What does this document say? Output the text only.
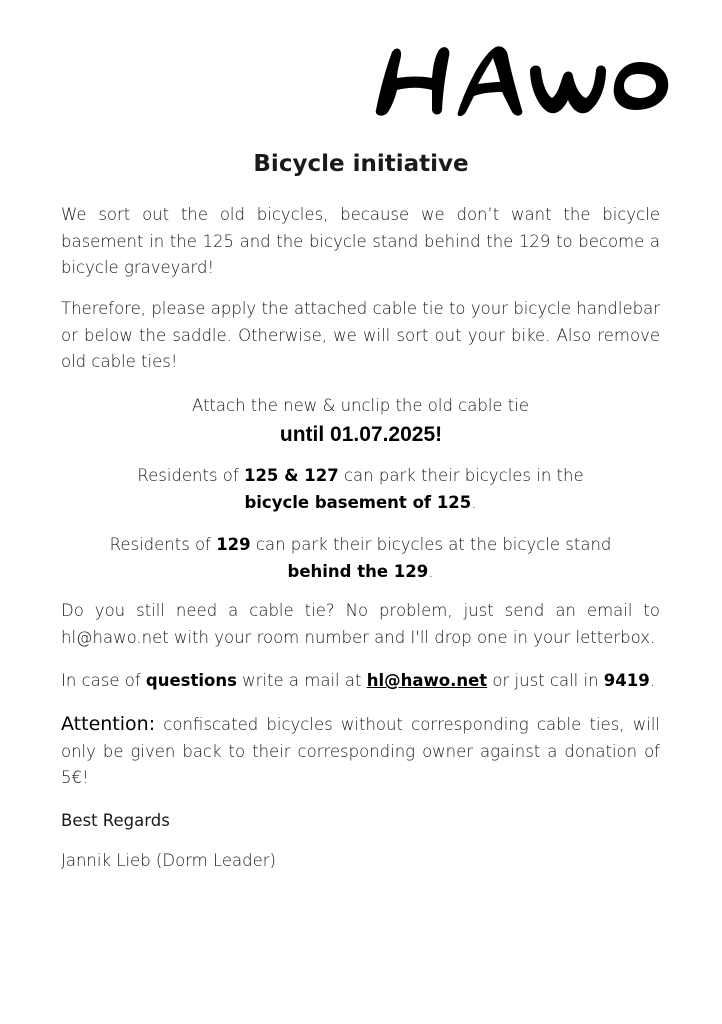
Bicycle initiative

We sort out the old bicycles, because we don’t want the bicycle basement in the 125 and the bicycle stand behind the 129 to become a bicycle graveyard!

Therefore, please apply the attached cable tie to your bicycle handlebar or below the saddle. Otherwise, we will sort out your bike. Also remove old cable ties!

Attach the new & unclip the old cable tie

until 01.07.2025!

Residents of 125 & 127 can park their bicycles in the
bicycle basement of 125.

Residents of 129 can park their bicycles at the bicycle stand
behind the 129.

Do you still need a cable tie? No problem, just send an email to hl@hawo.net with your room number and I'll drop one in your letterbox.

In case of questions write a mail at hl@hawo.net or just call in 9419.

Attention: confiscated bicycles without corresponding cable ties, will only be given back to their corresponding owner against a donation of 5€!

Best Regards

Jannik Lieb (Dorm Leader)
